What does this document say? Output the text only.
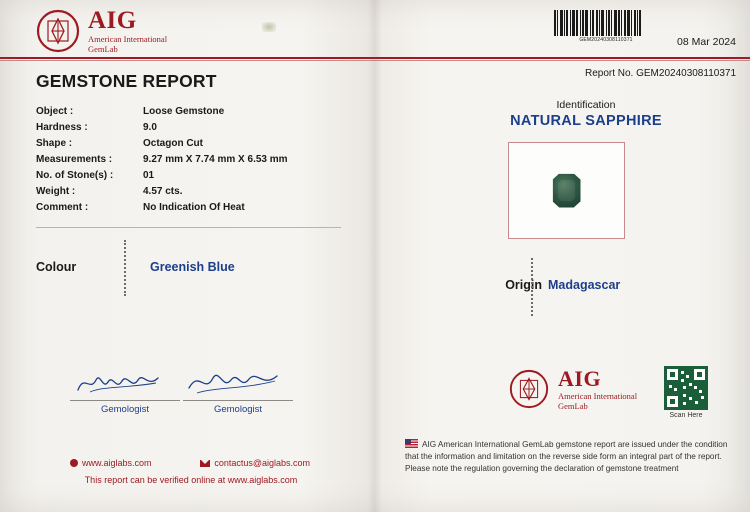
AIG
American International
GemLab
GEM20240308110371	08 Mar 2024
GEMSTONE REPORT	Report No. GEM20240308110371
Object :		Loose Gemstone
Hardness :		9.0
Shape :		Octagon Cut
Measurements :		9.27 mm X 7.74 mm X 6.53 mm
No. of Stone(s) :		01
Weight :		4.57 cts.
Comment :		No Indication Of Heat
Colour	Greenish Blue
Identification
NATURAL SAPPHIRE
Origin Madagascar
Gemologist	Gemologist
www.aiglabs.com	contactus@aiglabs.com
This report can be verified online at www.aiglabs.com
AIG
American International
GemLab
Scan Here
AIG American International GemLab gemstone report are issued under the condition that the information and limitation on the reverse side form an integral part of the report. Please note the regulation governing the declaration of gemstone treatment
